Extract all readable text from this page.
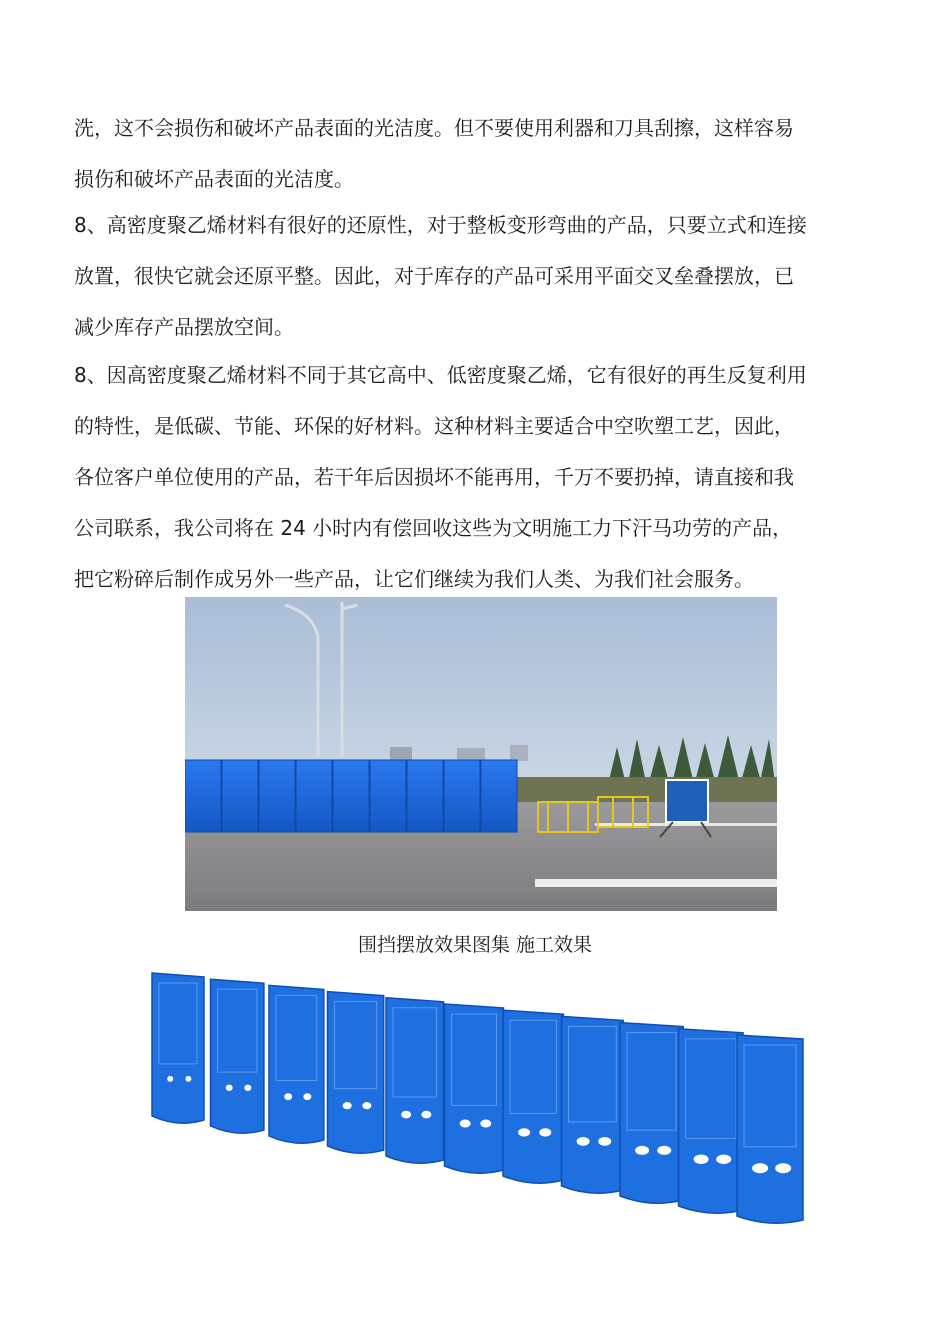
洗，这不会损伤和破坏产品表面的光洁度。但不要使用利器和刀具刮擦，这样容易
损伤和破坏产品表面的光洁度。
8、高密度聚乙烯材料有很好的还原性，对于整板变形弯曲的产品，只要立式和连接
放置，很快它就会还原平整。因此，对于库存的产品可采用平面交叉垒叠摆放，已
减少库存产品摆放空间。
8、因高密度聚乙烯材料不同于其它高中、低密度聚乙烯，它有很好的再生反复利用
的特性，是低碳、节能、环保的好材料。这种材料主要适合中空吹塑工艺，因此，
各位客户单位使用的产品，若干年后因损坏不能再用，千万不要扔掉，请直接和我
公司联系，我公司将在 24 小时内有偿回收这些为文明施工力下汗马功劳的产品，
把它粉碎后制作成另外一些产品，让它们继续为我们人类、为我们社会服务。
围挡摆放效果图集 施工效果
